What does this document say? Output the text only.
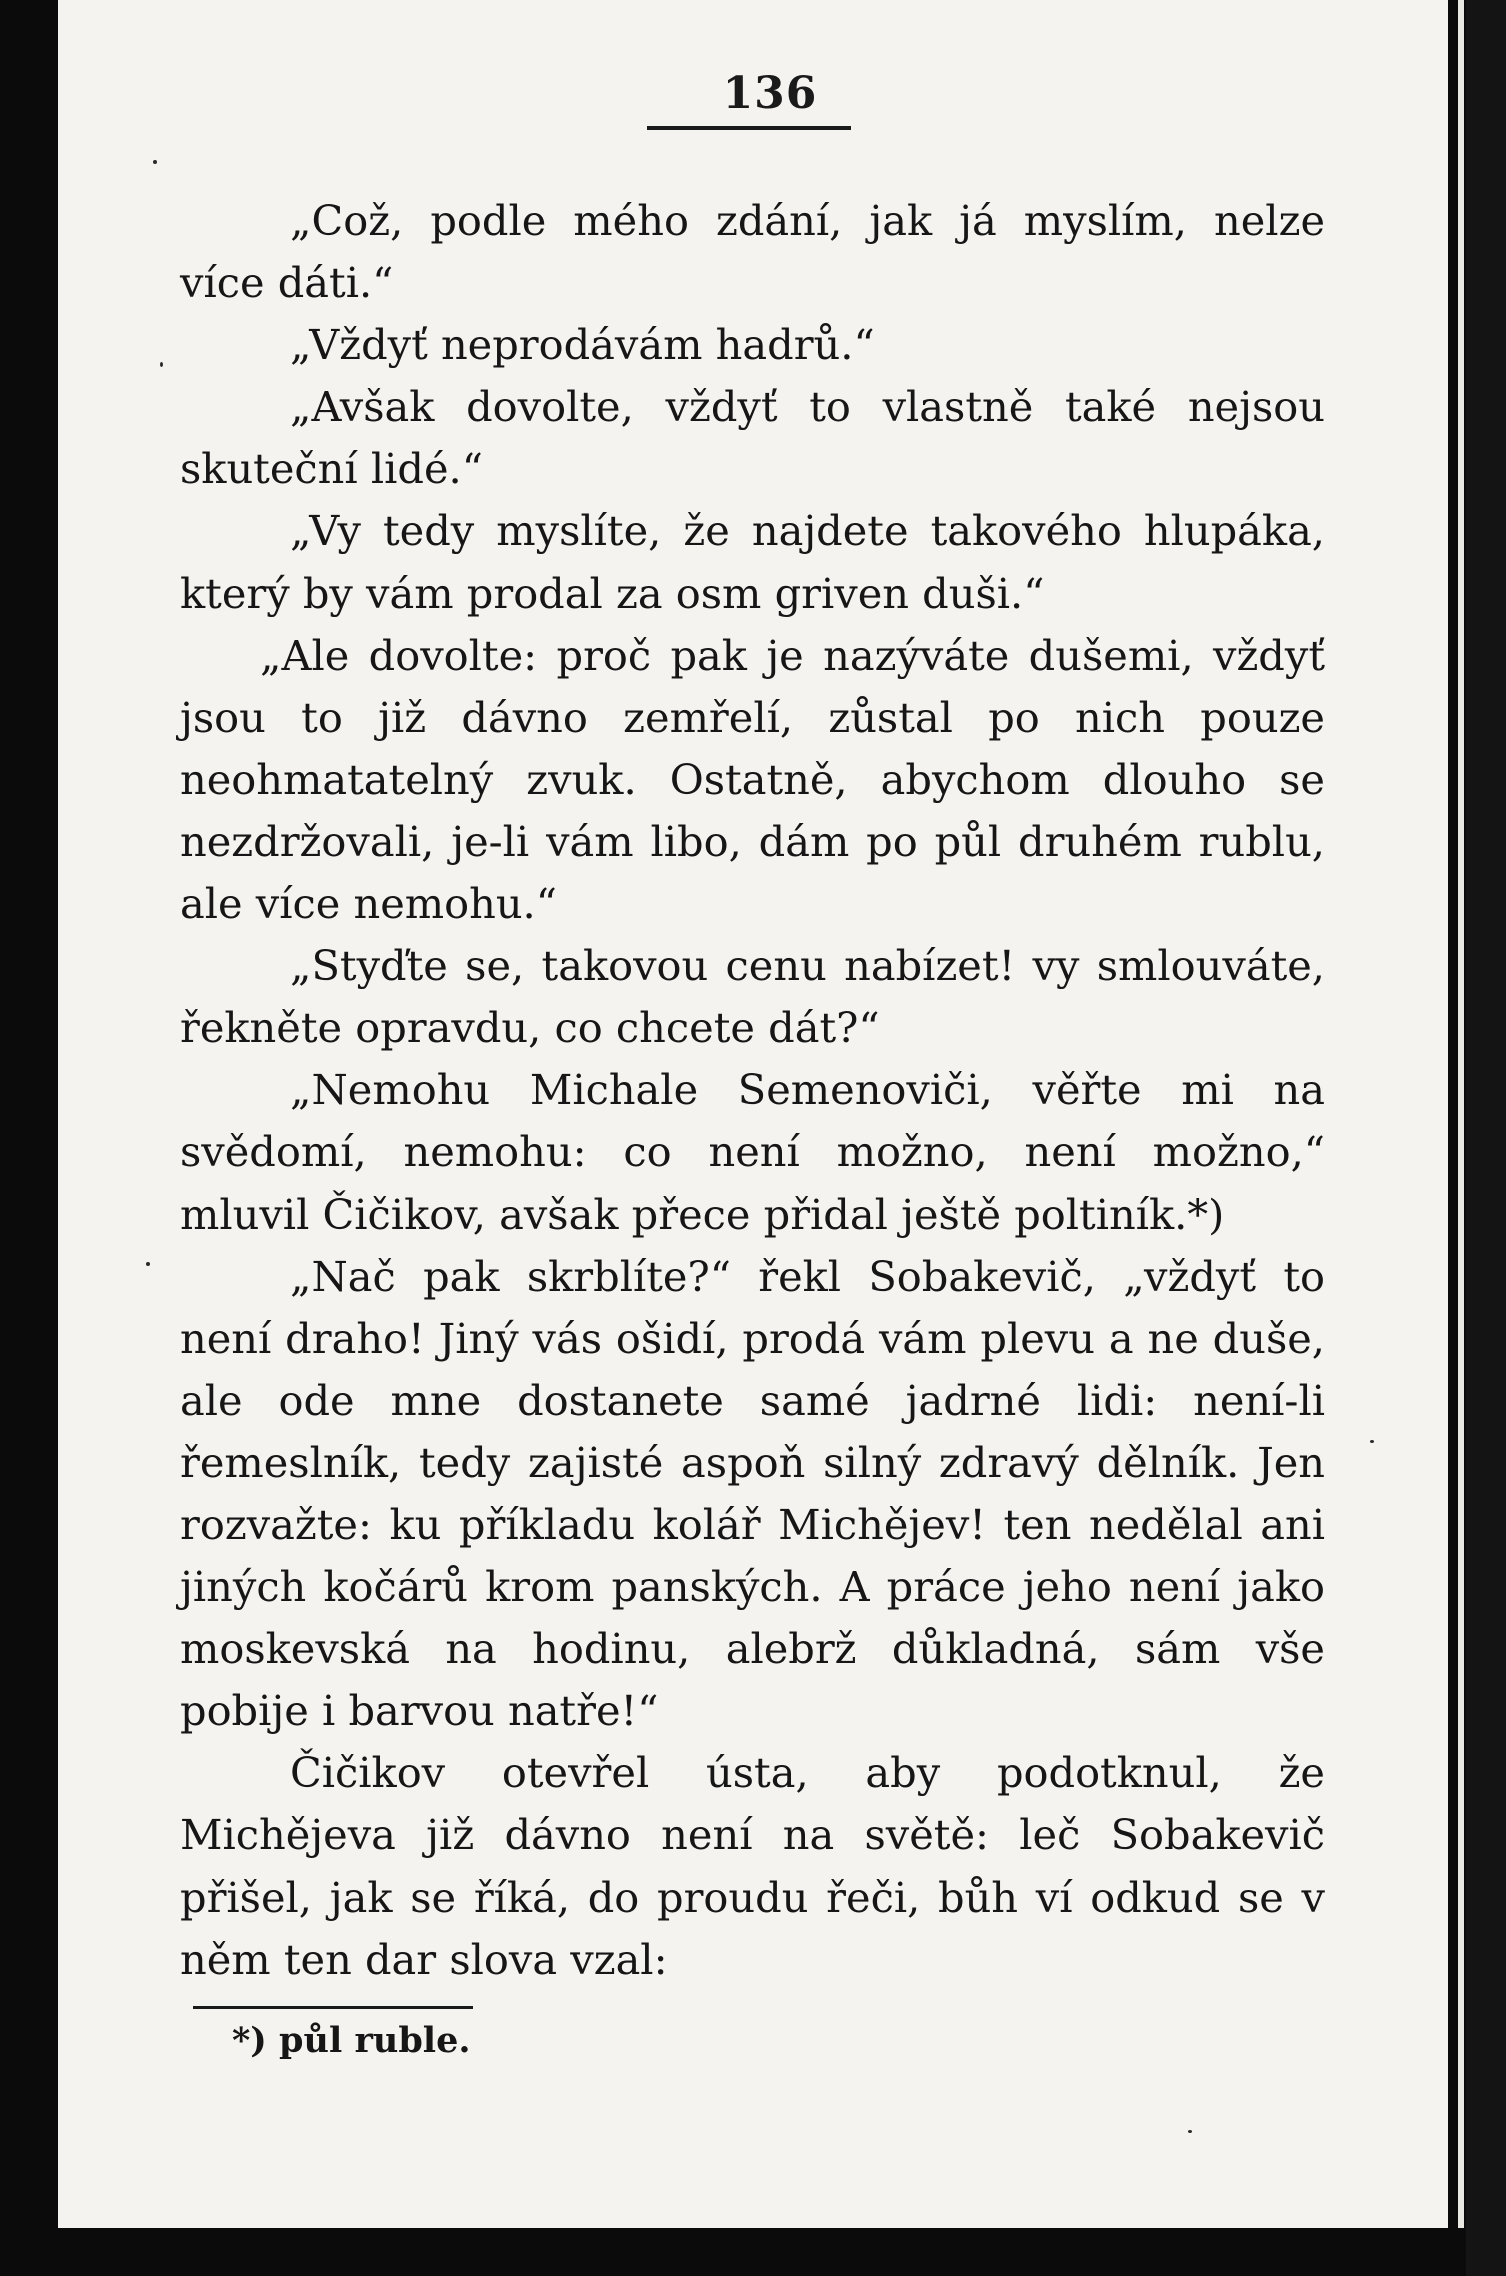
136

„Což, podle mého zdání, jak já myslím, nelze více dáti.“

„Vždyť neprodávám hadrů.“

„Avšak dovolte, vždyť to vlastně také nejsou skuteční lidé.“

„Vy tedy myslíte, že najdete takového hlupáka, který by vám prodal za osm griven duši.“

„Ale dovolte: proč pak je nazýváte dušemi, vždyť jsou to již dávno zemřelí, zůstal po nich pouze neohmatatelný zvuk. Ostatně, abychom dlouho se nezdržovali, je-li vám libo, dám po půl druhém rublu, ale více nemohu.“

„Styďte se, takovou cenu nabízet! vy smlouváte, řekněte opravdu, co chcete dát?“

„Nemohu Michale Semenoviči, věřte mi na svědomí, nemohu: co není možno, není možno,“ mluvil Čičikov, avšak přece přidal ještě poltiník.*)

„Nač pak skrblíte?“ řekl Sobakevič, „vždyť to není draho! Jiný vás ošidí, prodá vám plevu a ne duše, ale ode mne dostanete samé jadrné lidi: není-li řemeslník, tedy zajisté aspoň silný zdravý dělník. Jen rozvažte: ku příkladu kolář Michějev! ten nedělal ani jiných kočárů krom panských. A práce jeho není jako moskevská na hodinu, alebrž důkladná, sám vše pobije i barvou natře!“

Čičikov otevřel ústa, aby podotknul, že Michějeva již dávno není na světě: leč Sobakevič přišel, jak se říká, do proudu řeči, bůh ví odkud se v něm ten dar slova vzal:

*) půl ruble.
